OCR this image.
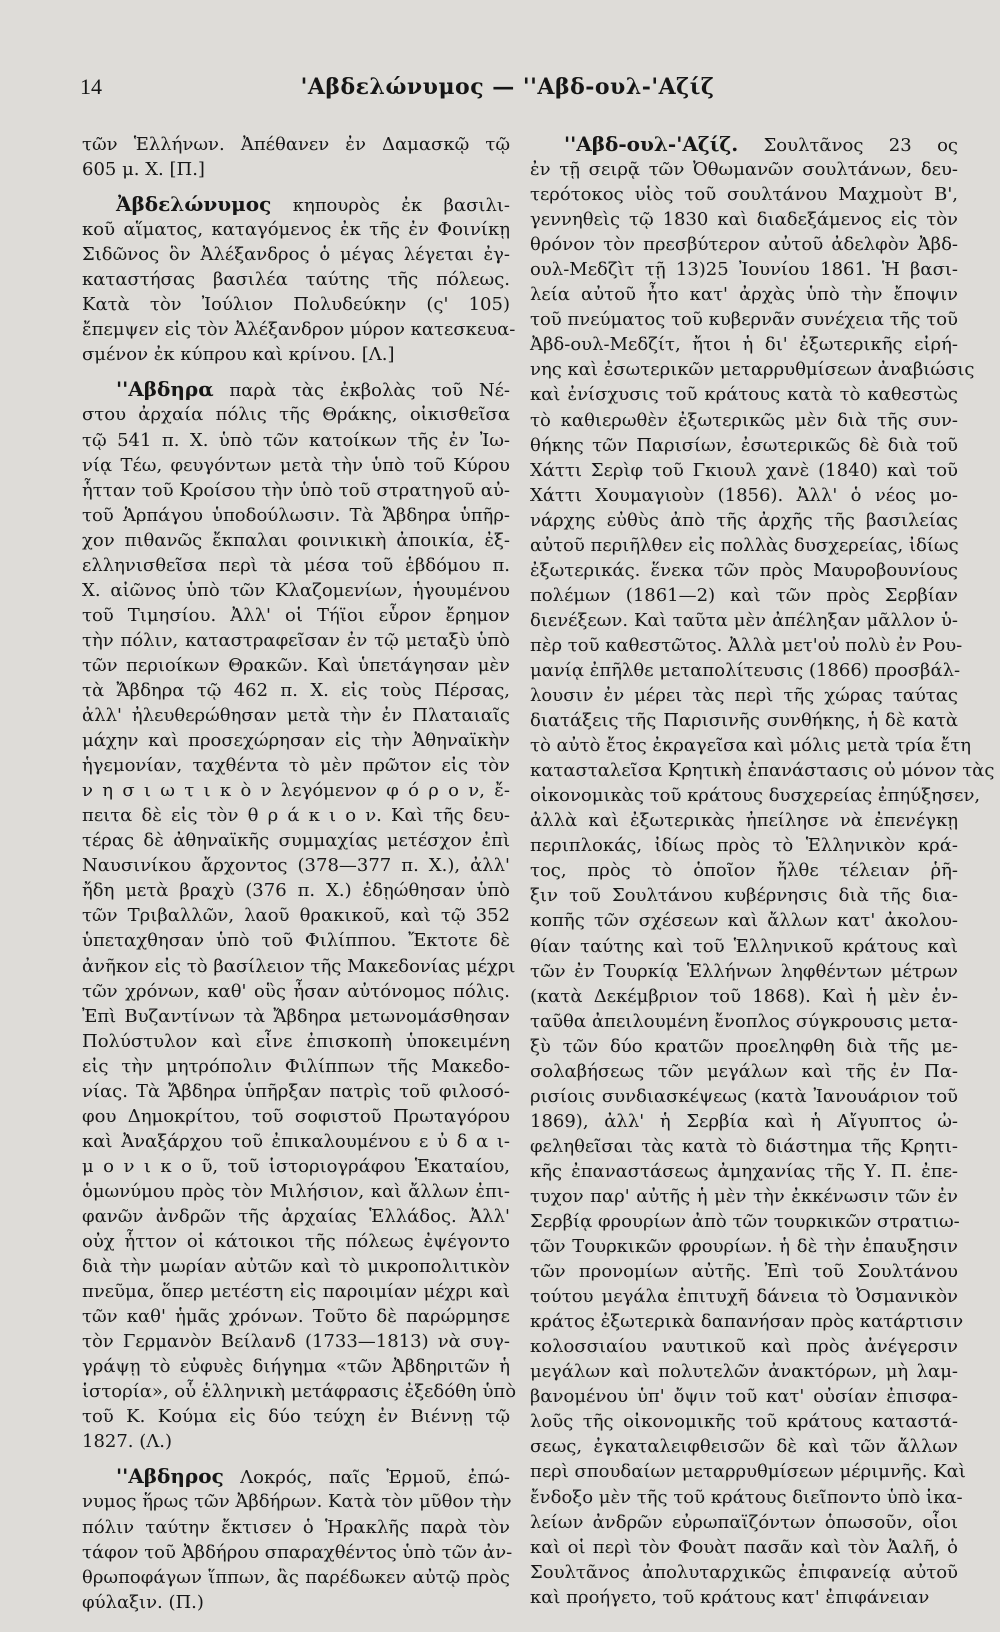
14	'Αβδελώνυμος — ''Αβδ-ουλ-'Αζίζ
τῶν Ἑλλήνων. Ἀπέθανεν ἐν Δαμασκῷ τῷ
605 μ. Χ. [Π.]
Ἀβδελώνυμος κηπουρὸς ἐκ βασιλι-
κοῦ αἵματος, καταγόμενος ἐκ τῆς ἐν Φοινίκῃ
Σιδῶνος ὃν Ἀλέξανδρος ὁ μέγας λέγεται ἐγ-
καταστήσας βασιλέα ταύτης τῆς πόλεως.
Κατὰ τὸν Ἰούλιον Πολυδεύκην (ς' 105)
ἔπεμψεν εἰς τὸν Ἀλέξανδρον μύρον κατεσκευα-
σμένον ἐκ κύπρου καὶ κρίνου. [Λ.]
''Αβδηρα παρὰ τὰς ἐκβολὰς τοῦ Νέ-
στου ἀρχαία πόλις τῆς Θράκης, οἰκισθεῖσα
τῷ 541 π. Χ. ὑπὸ τῶν κατοίκων τῆς ἐν Ἰω-
νίᾳ Τέω, φευγόντων μετὰ τὴν ὑπὸ τοῦ Κύρου
ἧτταν τοῦ Κροίσου τὴν ὑπὸ τοῦ στρατηγοῦ αὐ-
τοῦ Ἁρπάγου ὑποδούλωσιν. Τὰ Ἄβδηρα ὑπῆρ-
χον πιθανῶς ἔκπαλαι φοινικικὴ ἀποικία, ἐξ-
ελληνισθεῖσα περὶ τὰ μέσα τοῦ ἑβδόμου π.
Χ. αἰῶνος ὑπὸ τῶν Κλαζομενίων, ἡγουμένου
τοῦ Τιμησίου. Ἀλλ' οἱ Τήϊοι εὗρον ἔρημον
τὴν πόλιν, καταστραφεῖσαν ἐν τῷ μεταξὺ ὑπὸ
τῶν περιοίκων Θρακῶν. Καὶ ὑπετάγησαν μὲν
τὰ Ἄβδηρα τῷ 462 π. Χ. εἰς τοὺς Πέρσας,
ἀλλ' ἠλευθερώθησαν μετὰ τὴν ἐν Πλαταιαῖς
μάχην καὶ προσεχώρησαν εἰς τὴν Ἀθηναϊκὴν
ἡγεμονίαν, ταχθέντα τὸ μὲν πρῶτον εἰς τὸν
ν η σ ι ω τ ι κ ὸ ν λεγόμενον φ ό ρ ο ν, ἔ-
πειτα δὲ εἰς τὸν θ ρ ά κ ι ο ν. Καὶ τῆς δευ-
τέρας δὲ ἀθηναϊκῆς συμμαχίας μετέσχον ἐπὶ
Ναυσινίκου ἄρχοντος (378—377 π. Χ.), ἀλλ'
ἤδη μετὰ βραχὺ (376 π. Χ.) ἐδῃώθησαν ὑπὸ
τῶν Τριβαλλῶν, λαοῦ θρακικοῦ, καὶ τῷ 352
ὑπεταχθησαν ὑπὸ τοῦ Φιλίππου. Ἔκτοτε δὲ
ἀνῆκον εἰς τὸ βασίλειον τῆς Μακεδονίας μέχρι
τῶν χρόνων, καθ' οὓς ἦσαν αὐτόνομος πόλις.
Ἐπὶ Βυζαντίνων τὰ Ἄβδηρα μετωνομάσθησαν
Πολύστυλον καὶ εἶνε ἐπισκοπὴ ὑποκειμένη
εἰς τὴν μητρόπολιν Φιλίππων τῆς Μακεδο-
νίας. Τὰ Ἄβδηρα ὑπῆρξαν πατρὶς τοῦ φιλοσό-
φου Δημοκρίτου, τοῦ σοφιστοῦ Πρωταγόρου
καὶ Ἀναξάρχου τοῦ ἐπικαλουμένου ε ὐ δ α ι-
μ ο ν ι κ ο ῦ, τοῦ ἱστοριογράφου Ἑκαταίου,
ὁμωνύμου πρὸς τὸν Μιλήσιον, καὶ ἄλλων ἐπι-
φανῶν ἀνδρῶν τῆς ἀρχαίας Ἑλλάδος. Ἀλλ'
οὐχ ἧττον οἱ κάτοικοι τῆς πόλεως ἐψέγοντο
διὰ τὴν μωρίαν αὐτῶν καὶ τὸ μικροπολιτικὸν
πνεῦμα, ὅπερ μετέστη εἰς παροιμίαν μέχρι καὶ
τῶν καθ' ἡμᾶς χρόνων. Τοῦτο δὲ παρώρμησε
τὸν Γερμανὸν Βείλανδ (1733—1813) νὰ συγ-
γράψῃ τὸ εὐφυὲς διήγημα «τῶν Ἀβδηριτῶν ἡ
ἱστορία», οὗ ἑλληνικὴ μετάφρασις ἐξεδόθη ὑπὸ
τοῦ Κ. Κούμα εἰς δύο τεύχη ἐν Βιέννῃ τῷ
1827. (Λ.)
''Αβδηρος Λοκρός, παῖς Ἑρμοῦ, ἐπώ-
νυμος ἥρως τῶν Ἀβδήρων. Κατὰ τὸν μῦθον τὴν
πόλιν ταύτην ἔκτισεν ὁ Ἡρακλῆς παρὰ τὸν
τάφον τοῦ Ἀβδήρου σπαραχθέντος ὑπὸ τῶν ἀν-
θρωποφάγων ἵππων, ἂς παρέδωκεν αὐτῷ πρὸς
φύλαξιν. (Π.)
''Αβδ-ουλ-'Αζίζ. Σουλτᾶνος 23 ος
ἐν τῇ σειρᾷ τῶν Ὀθωμανῶν σουλτάνων, δευ-
τερότοκος υἱὸς τοῦ σουλτάνου Μαχμοὺτ Β',
γεννηθεὶς τῷ 1830 καὶ διαδεξάμενος εἰς τὸν
θρόνον τὸν πρεσβύτερον αὐτοῦ ἀδελφὸν Ἀβδ-
ουλ-Μεδζὶτ τῇ 13)25 Ἰουνίου 1861. Ἡ βασι-
λεία αὐτοῦ ἦτο κατ' ἀρχὰς ὑπὸ τὴν ἔποψιν
τοῦ πνεύματος τοῦ κυβερνᾶν συνέχεια τῆς τοῦ
Ἀβδ-ουλ-Μεδζίτ, ἤτοι ἡ δι' ἐξωτερικῆς εἰρή-
νης καὶ ἐσωτερικῶν μεταρρυθμίσεων ἀναβιώσις
καὶ ἐνίσχυσις τοῦ κράτους κατὰ τὸ καθεστὼς
τὸ καθιερωθὲν ἐξωτερικῶς μὲν διὰ τῆς συν-
θήκης τῶν Παρισίων, ἐσωτερικῶς δὲ διὰ τοῦ
Χάττι Σερὶφ τοῦ Γκιουλ χανὲ (1840) καὶ τοῦ
Χάττι Χουμαγιοὺν (1856). Ἀλλ' ὁ νέος μο-
νάρχης εὐθὺς ἀπὸ τῆς ἀρχῆς τῆς βασιλείας
αὐτοῦ περιῆλθεν εἰς πολλὰς δυσχερείας, ἰδίως
ἐξωτερικάς. ἕνεκα τῶν πρὸς Μαυροβουνίους
πολέμων (1861—2) καὶ τῶν πρὸς Σερβίαν
διενέξεων. Καὶ ταῦτα μὲν ἀπέληξαν μᾶλλον ὑ-
πὲρ τοῦ καθεστῶτος. Ἀλλὰ μετ'οὐ πολὺ ἐν Ρου-
μανίᾳ ἐπῆλθε μεταπολίτευσις (1866) προσβάλ-
λουσιν ἐν μέρει τὰς περὶ τῆς χώρας ταύτας
διατάξεις τῆς Παρισινῆς συνθήκης, ἡ δὲ κατὰ
τὸ αὐτὸ ἔτος ἐκραγεῖσα καὶ μόλις μετὰ τρία ἔτη
κατασταλεῖσα Κρητικὴ ἐπανάστασις οὐ μόνον τὰς
οἰκονομικὰς τοῦ κράτους δυσχερείας ἐπηύξησεν,
ἀλλὰ καὶ ἐξωτερικὰς ἠπείλησε νὰ ἐπενέγκῃ
περιπλοκάς, ἰδίως πρὸς τὸ Ἑλληνικὸν κρά-
τος, πρὸς τὸ ὁποῖον ἤλθε τέλειαν ῥῆ-
ξιν τοῦ Σουλτάνου κυβέρνησις διὰ τῆς δια-
κοπῆς τῶν σχέσεων καὶ ἄλλων κατ' ἀκολου-
θίαν ταύτης καὶ τοῦ Ἑλληνικοῦ κράτους καὶ
τῶν ἐν Τουρκίᾳ Ἑλλήνων ληφθέντων μέτρων
(κατὰ Δεκέμβριον τοῦ 1868). Καὶ ἡ μὲν ἐν-
ταῦθα ἀπειλουμένη ἔνοπλος σύγκρουσις μετα-
ξὺ τῶν δύο κρατῶν προεληφθη διὰ τῆς με-
σολαβήσεως τῶν μεγάλων καὶ τῆς ἐν Πα-
ρισίοις συνδιασκέψεως (κατὰ Ἰανουάριον τοῦ
1869), ἀλλ' ἡ Σερβία καὶ ἡ Αἴγυπτος ὠ-
φεληθεῖσαι τὰς κατὰ τὸ διάστημα τῆς Κρητι-
κῆς ἐπαναστάσεως ἀμηχανίας τῆς Υ. Π. ἐπε-
τυχον παρ' αὐτῆς ἡ μὲν τὴν ἐκκένωσιν τῶν ἐν
Σερβίᾳ φρουρίων ἀπὸ τῶν τουρκικῶν στρατιω-
τῶν Τουρκικῶν φρουρίων. ἡ δὲ τὴν ἐπαυξησιν
τῶν προνομίων αὐτῆς. Ἐπὶ τοῦ Σουλτάνου
τούτου μεγάλα ἐπιτυχῆ δάνεια τὸ Ὀσμανικὸν
κράτος ἐξωτερικὰ δαπανήσαν πρὸς κατάρτισιν
κολοσσιαίου ναυτικοῦ καὶ πρὸς ἀνέγερσιν
μεγάλων καὶ πολυτελῶν ἀνακτόρων, μὴ λαμ-
βανομένου ὑπ' ὄψιν τοῦ κατ' οὐσίαν ἐπισφα-
λοῦς τῆς οἰκονομικῆς τοῦ κράτους καταστά-
σεως, ἐγκαταλειφθεισῶν δὲ καὶ τῶν ἄλλων
περὶ σπουδαίων μεταρρυθμίσεων μέριμνῆς. Καὶ
ἔνδοξο μὲν τῆς τοῦ κράτους διεῖποντο ὑπὸ ἱκα-
λείων ἀνδρῶν εὐρωπαϊζόντων ὁπωσοῦν, οἷοι
καὶ οἱ περὶ τὸν Φουὰτ πασᾶν καὶ τὸν Ἀαλῆ, ὁ
Σουλτᾶνος ἀπολυταρχικῶς ἐπιφανείᾳ αὐτοῦ
καὶ προήγετο, τοῦ κράτους κατ' ἐπιφάνειαν
